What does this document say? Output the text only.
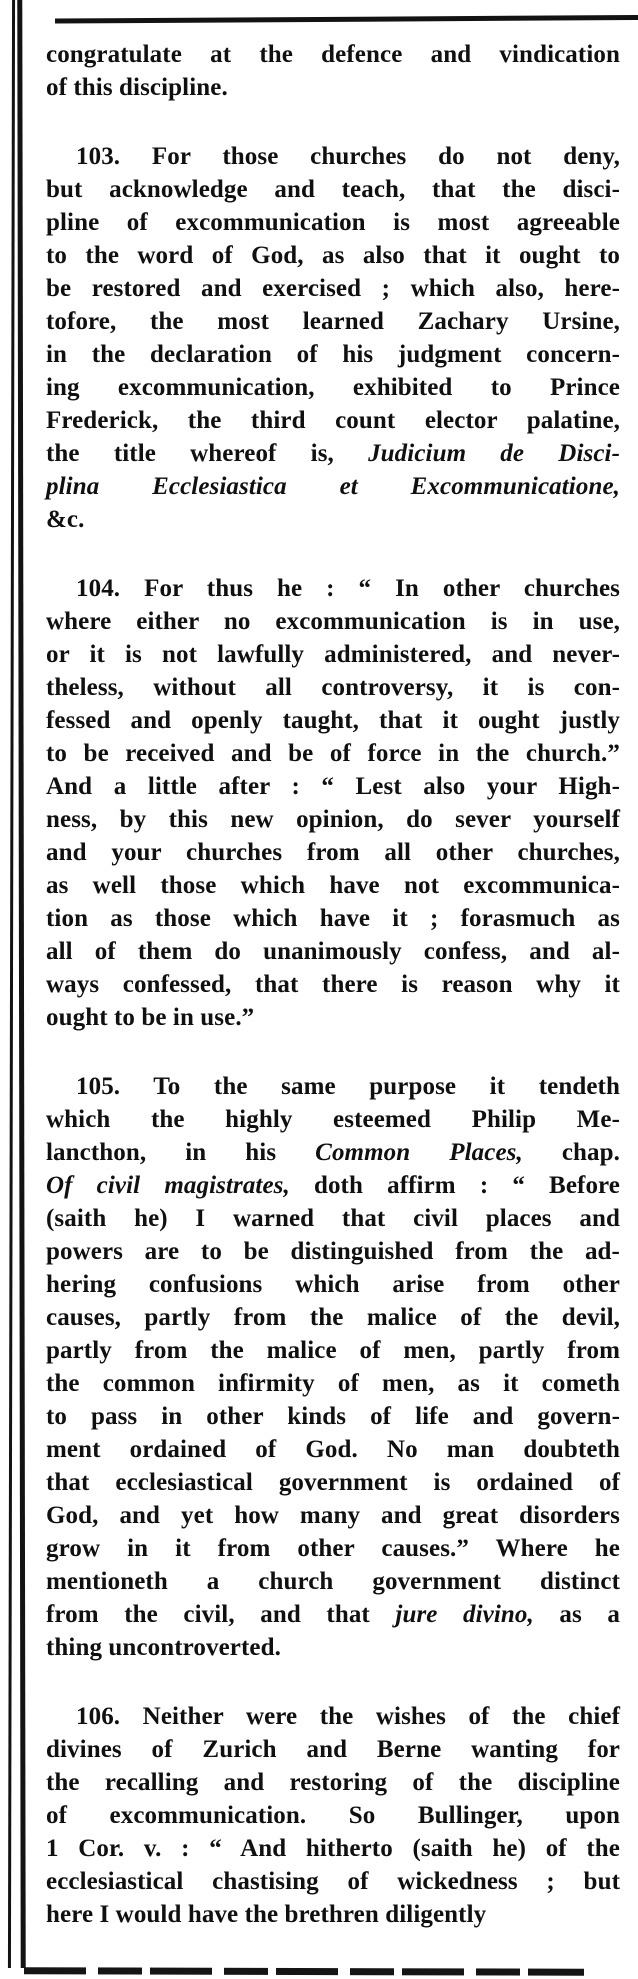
congratulate at the defence and vindication
of this discipline.
103. For those churches do not deny,
but acknowledge and teach, that the disci-
pline of excommunication is most agreeable
to the word of God, as also that it ought to
be restored and exercised ; which also, here-
tofore, the most learned Zachary Ursine,
in the declaration of his judgment concern-
ing excommunication, exhibited to Prince
Frederick, the third count elector palatine,
the title whereof is, Judicium de Disci-
plina Ecclesiastica et Excommunicatione,
&c.
104. For thus he : “ In other churches
where either no excommunication is in use,
or it is not lawfully administered, and never-
theless, without all controversy, it is con-
fessed and openly taught, that it ought justly
to be received and be of force in the church.”
And a little after : “ Lest also your High-
ness, by this new opinion, do sever yourself
and your churches from all other churches,
as well those which have not excommunica-
tion as those which have it ; forasmuch as
all of them do unanimously confess, and al-
ways confessed, that there is reason why it
ought to be in use.”
105. To the same purpose it tendeth
which the highly esteemed Philip Me-
lancthon, in his Common Places, chap.
Of civil magistrates, doth affirm : “ Before
(saith he) I warned that civil places and
powers are to be distinguished from the ad-
hering confusions which arise from other
causes, partly from the malice of the devil,
partly from the malice of men, partly from
the common infirmity of men, as it cometh
to pass in other kinds of life and govern-
ment ordained of God. No man doubteth
that ecclesiastical government is ordained of
God, and yet how many and great disorders
grow in it from other causes.” Where he
mentioneth a church government distinct
from the civil, and that jure divino, as a
thing uncontroverted.
106. Neither were the wishes of the chief
divines of Zurich and Berne wanting for
the recalling and restoring of the discipline
of excommunication. So Bullinger, upon
1 Cor. v. : “ And hitherto (saith he) of the
ecclesiastical chastising of wickedness ; but
here I would have the brethren diligently
